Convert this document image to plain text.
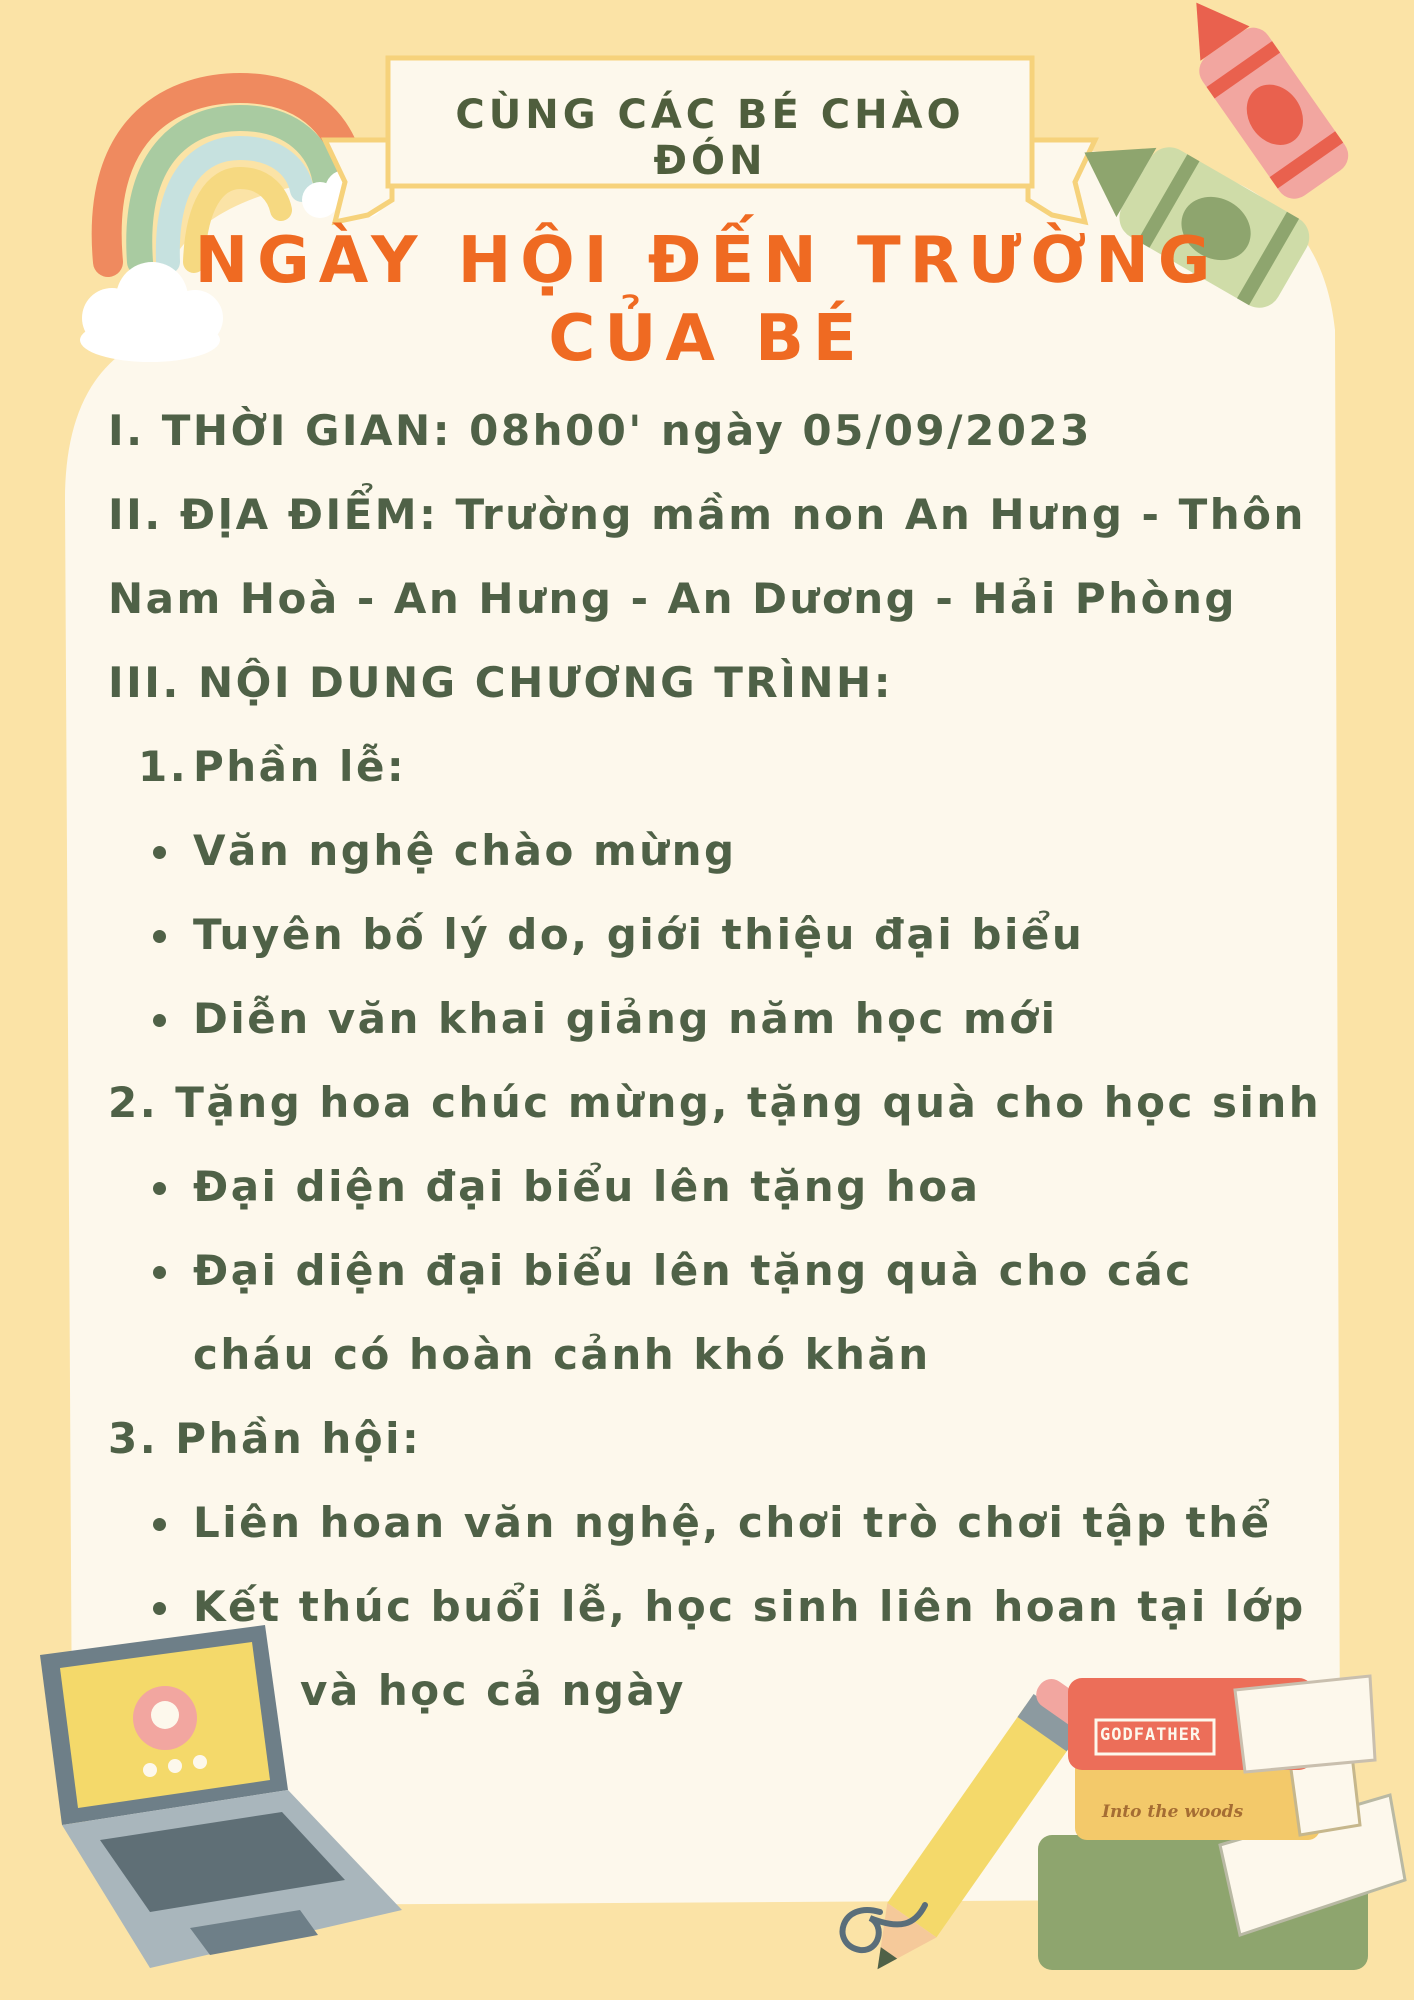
CÙNG CÁC BÉ CHÀO ĐÓN
NGÀY HỘI ĐẾN TRƯỜNG
CỦA BÉ
GODFATHER
Into the woods
I. THỜI GIAN: 08h00' ngày 05/09/2023
II. ĐỊA ĐIỂM: Trường mầm non An Hưng - Thôn
Nam Hoà - An Hưng - An Dương - Hải Phòng
III. NỘI DUNG CHƯƠNG TRÌNH:
1. Phần lễ:
Văn nghệ chào mừng
Tuyên bố lý do, giới thiệu đại biểu
Diễn văn khai giảng năm học mới
2. Tặng hoa chúc mừng, tặng quà cho học sinh
Đại diện đại biểu lên tặng hoa
Đại diện đại biểu lên tặng quà cho các
cháu có hoàn cảnh khó khăn
3. Phần hội:
Liên hoan văn nghệ, chơi trò chơi tập thể
Kết thúc buổi lễ, học sinh liên hoan tại lớp
và học cả ngày
